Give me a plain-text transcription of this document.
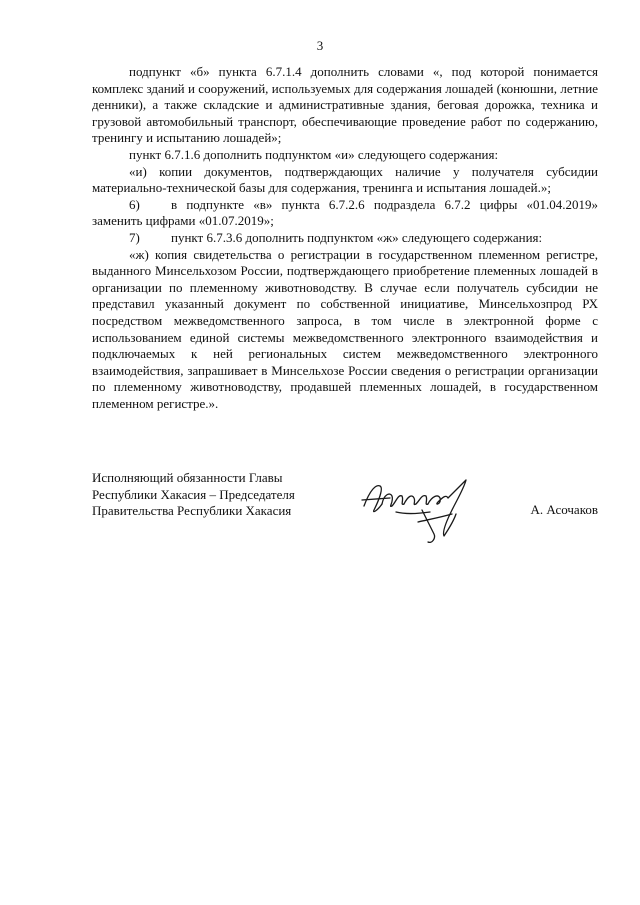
3

подпункт «б» пункта 6.7.1.4 дополнить словами «, под которой понимается комплекс зданий и сооружений, используемых для содержания лошадей (конюшни, летние денники), а также складские и административные здания, беговая дорожка, техника и грузовой автомобильный транспорт, обеспечивающие проведение работ по содержанию, тренингу и испытанию лошадей»;

пункт 6.7.1.6 дополнить подпунктом «и» следующего содержания:

«и) копии документов, подтверждающих наличие у получателя субсидии материально-технической базы для содержания, тренинга и испытания лошадей.»;

6) в подпункте «в» пункта 6.7.2.6 подраздела 6.7.2 цифры «01.04.2019» заменить цифрами «01.07.2019»;

7) пункт 6.7.3.6 дополнить подпунктом «ж» следующего содержания:

«ж) копия свидетельства о регистрации в государственном племенном регистре, выданного Минсельхозом России, подтверждающего приобретение племенных лошадей в организации по племенному животноводству. В случае если получатель субсидии не представил указанный документ по собственной инициативе, Минсельхозпрод РХ посредством межведомственного запроса, в том числе в электронной форме с использованием единой системы межведомственного электронного взаимодействия и подключаемых к ней региональных систем межведомственного электронного взаимодействия, запрашивает в Минсельхозе России сведения о регистрации организации по племенному животноводству, продавшей племенных лошадей, в государственном племенном регистре.».

Исполняющий обязанности Главы
Республики Хакасия – Председателя
Правительства Республики Хакасия	А. Асочаков
